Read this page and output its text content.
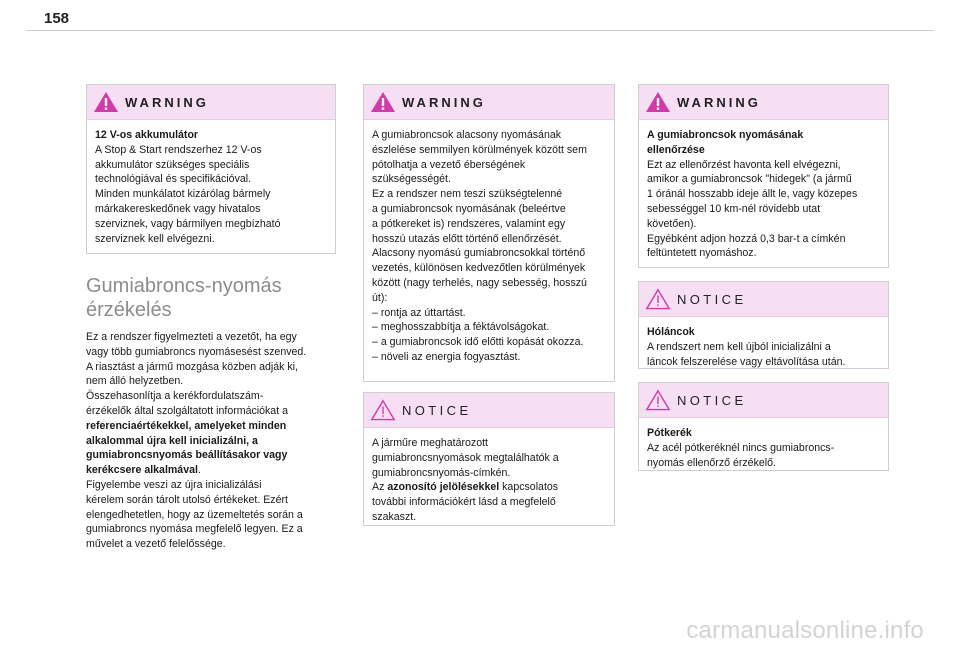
158
WARNING

12 V-os akkumulátor

A Stop & Start rendszerhez 12 V-os

akkumulátor szükséges speciális

technológiával és specifikációval.

Minden munkálatot kizárólag bármely

márkakereskedőnek vagy hivatalos

szerviznek, vagy bármilyen megbízható

szerviznek kell elvégezni.

Gumiabroncs-nyomás
érzékelés

Ez a rendszer figyelmezteti a vezetőt, ha egy

vagy több gumiabroncs nyomásesést szenved.

A riasztást a jármű mozgása közben adják ki,

nem álló helyzetben.

Összehasonlítja a kerékfordulatszám-

érzékelők által szolgáltatott információkat a

referenciaértékekkel, amelyeket minden

alkalommal újra kell inicializálni, a

gumiabroncsnyomás beállításakor vagy

kerékcsere alkalmával.

Figyelembe veszi az újra inicializálási

kérelem során tárolt utolsó értékeket. Ezért

elengedhetetlen, hogy az üzemeltetés során a

gumiabroncs nyomása megfelelő legyen. Ez a

művelet a vezető felelőssége.

WARNING

A gumiabroncsok alacsony nyomásának

észlelése semmilyen körülmények között sem

pótolhatja a vezető éberségének

szükségességét.

Ez a rendszer nem teszi szükségtelenné

a gumiabroncsok nyomásának (beleértve

a pótkereket is) rendszeres, valamint egy

hosszú utazás előtt történő ellenőrzését.

Alacsony nyomású gumiabroncsokkal történő

vezetés, különösen kedvezőtlen körülmények

között (nagy terhelés, nagy sebesség, hosszú

út):

– rontja az úttartást.

– meghosszabbítja a féktávolságokat.

– a gumiabroncsok idő előtti kopását okozza.

– növeli az energia fogyasztást.

NOTICE

A járműre meghatározott

gumiabroncsnyomások megtalálhatók a

gumiabroncsnyomás-címkén.

Az azonosító jelölésekkel kapcsolatos

további információkért lásd a megfelelő

szakaszt.

WARNING

A gumiabroncsok nyomásának

ellenőrzése

Ezt az ellenőrzést havonta kell elvégezni,

amikor a gumiabroncsok "hidegek" (a jármű

1 óránál hosszabb ideje állt le, vagy közepes

sebességgel 10 km-nél rövidebb utat

követően).

Egyébként adjon hozzá 0,3 bar-t a címkén

feltüntetett nyomáshoz.

NOTICE

Hóláncok

A rendszert nem kell újból inicializálni a

láncok felszerelése vagy eltávolítása után.

NOTICE

Pótkerék

Az acél pótkeréknél nincs gumiabroncs-

nyomás ellenőrző érzékelő.

carmanualsonline.info
